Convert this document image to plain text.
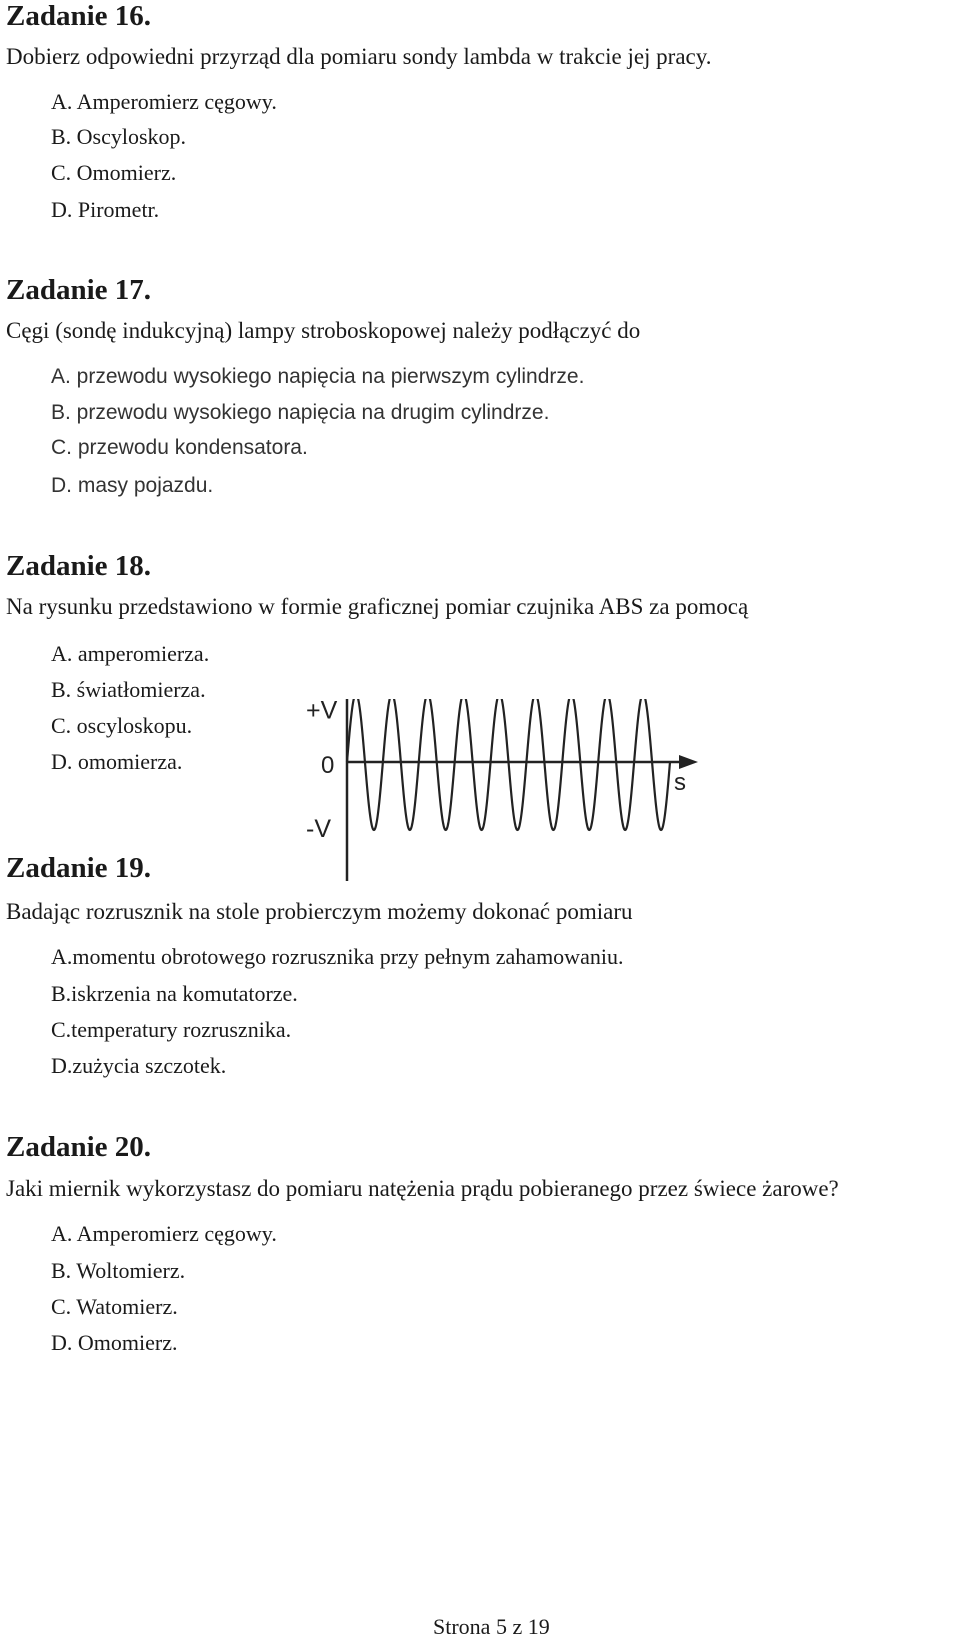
Zadanie 16.
Dobierz odpowiedni przyrząd dla pomiaru sondy lambda w trakcie jej pracy.
A. Amperomierz cęgowy.
B. Oscyloskop.
C. Omomierz.
D. Pirometr.
Zadanie 17.
Cęgi (sondę indukcyjną) lampy stroboskopowej należy podłączyć do
A. przewodu wysokiego napięcia na pierwszym cylindrze.
B. przewodu wysokiego napięcia na drugim cylindrze.
C. przewodu kondensatora.
D. masy pojazdu.
Zadanie 18.
Na rysunku przedstawiono w formie graficznej pomiar czujnika ABS za pomocą
A. amperomierza.
B. światłomierza.
C. oscyloskopu.
D. omomierza.
+V
0
-V
s
Zadanie 19.
Badając rozrusznik na stole probierczym możemy dokonać pomiaru
A.momentu obrotowego rozrusznika przy pełnym zahamowaniu.
B.iskrzenia na komutatorze.
C.temperatury rozrusznika.
D.zużycia szczotek.
Zadanie 20.
Jaki miernik wykorzystasz do pomiaru natężenia prądu pobieranego przez świece żarowe?
A. Amperomierz cęgowy.
B. Woltomierz.
C. Watomierz.
D. Omomierz.
Strona 5 z 19
